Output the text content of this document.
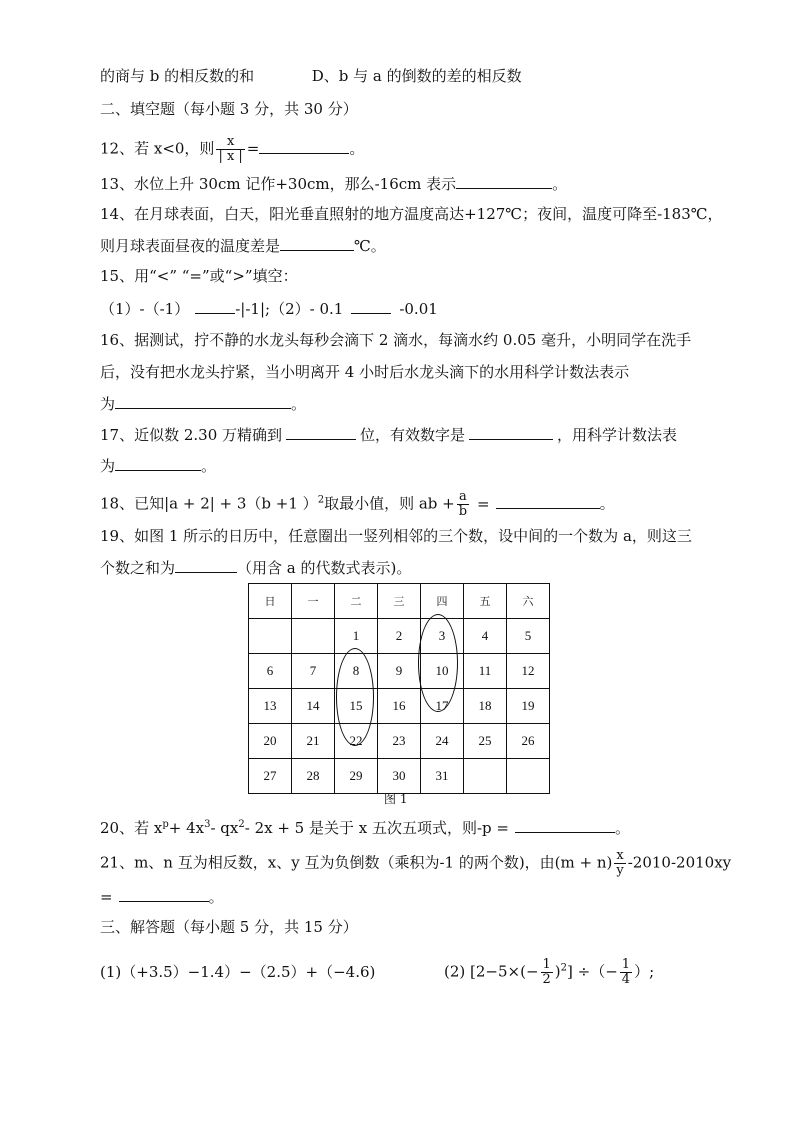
的商与 b 的相反数的和	D、b 与 a 的倒数的差的相反数
二、填空题（每小题 3 分，共 30 分）
12、若 x<0，则 $\frac{x}{| x |}$ =	。
13、水位上升 30cm 记作+30cm，那么-16cm 表示	。
14、在月球表面，白天，阳光垂直照射的地方温度高达+127℃；夜间，温度可降至-183℃，
则月球表面昼夜的温度差是	℃。
15、用“<” “=”或“>”填空：
（1）-（-1）	-|-1|;（2）- 0.1	-0.01
16、据测试，拧不静的水龙头每秒会滴下 2 滴水，每滴水约 0.05 毫升，小明同学在洗手
后，没有把水龙头拧紧，当小明离开 4 小时后水龙头滴下的水用科学计数法表示
为	。
17、近似数 2.30 万精确到	位，有效数字是	，用科学计数法表
为	。
18、已知|a + 2| + 3（b +1 ）$^2$取最小值，则 ab + $\frac{a}{b}$ =	。
19、如图 1 所示的日历中，任意圈出一竖列相邻的三个数，设中间的一个数为 a，则这三
个数之和为	（用含 a 的代数式表示)。
日	一	二	三	四	五	六
		1	2	3	4	5
6	7	8	9	10	11	12
13	14	15	16	17	18	19
20	21	22	23	24	25	26
27	28	29	30	31		
图 1
20、若 $x^p+ 4x^3-$ $qx^2-$ 2x + 5 是关于 x 五次五项式，则-p =	。
21、m、n 互为相反数，x、y 互为负倒数（乘积为-1 的两个数)，由$(m + n) \frac{x}{y} -2010-2010xy$
=	。
三、解答题（每小题 5 分，共 15 分）
(1)（+3.5）−1.4）−（2.5）+（−4.6)	(2) $[2-5\times(- \frac{1}{2} )^2]$ ÷（− $\frac{1}{4}$ ）;
